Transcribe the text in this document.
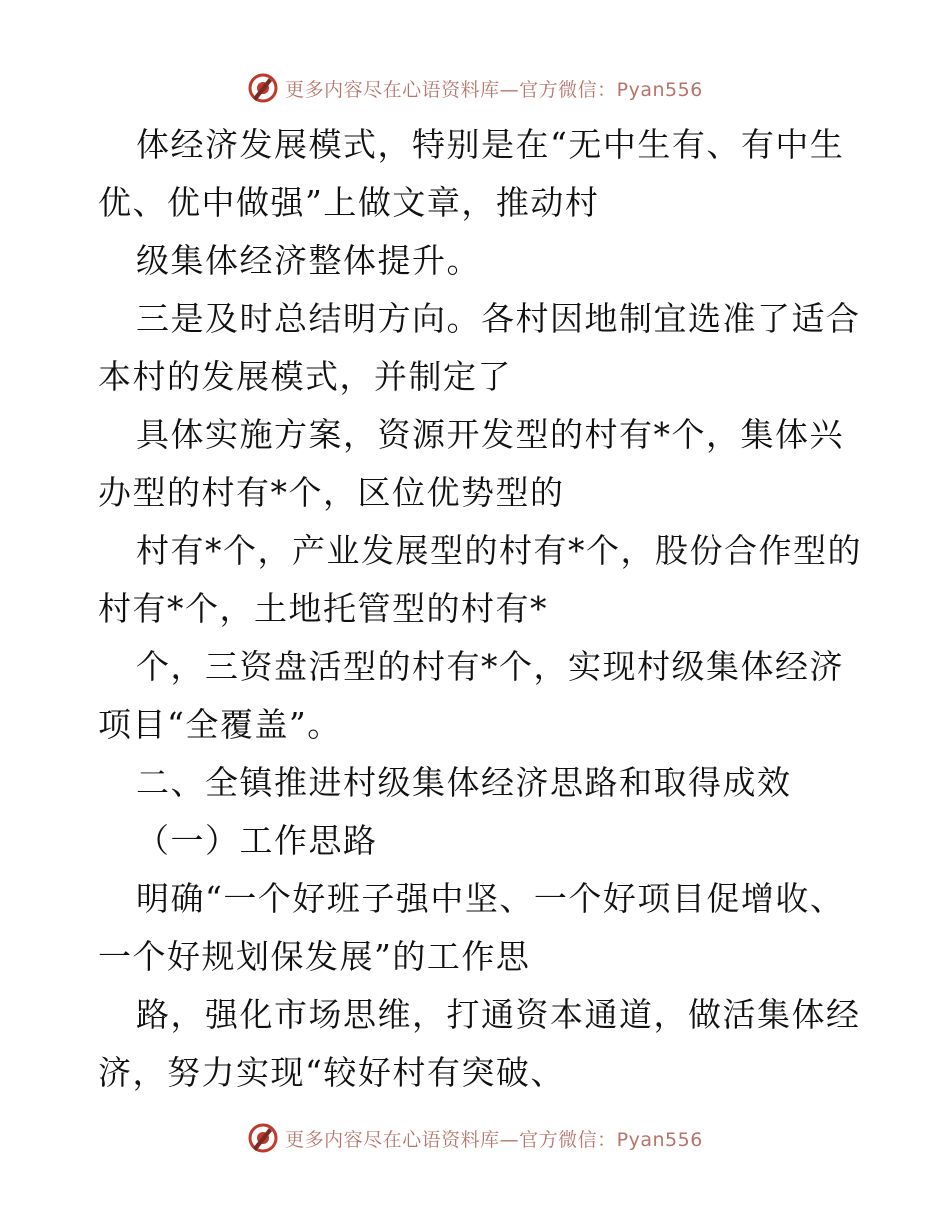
更多内容尽在心语资料库—官方微信：Pyan556
体经济发展模式，特别是在“无中生有、有中生
优、优中做强”上做文章，推动村
级集体经济整体提升。
三是及时总结明方向。各村因地制宜选准了适合
本村的发展模式，并制定了
具体实施方案，资源开发型的村有*个，集体兴
办型的村有*个，区位优势型的
村有*个，产业发展型的村有*个，股份合作型的
村有*个，土地托管型的村有*
个，三资盘活型的村有*个，实现村级集体经济
项目“全覆盖”。
二、全镇推进村级集体经济思路和取得成效
（一）工作思路
明确“一个好班子强中坚、一个好项目促增收、
一个好规划保发展”的工作思
路，强化市场思维，打通资本通道，做活集体经
济，努力实现“较好村有突破、
更多内容尽在心语资料库—官方微信：Pyan556
